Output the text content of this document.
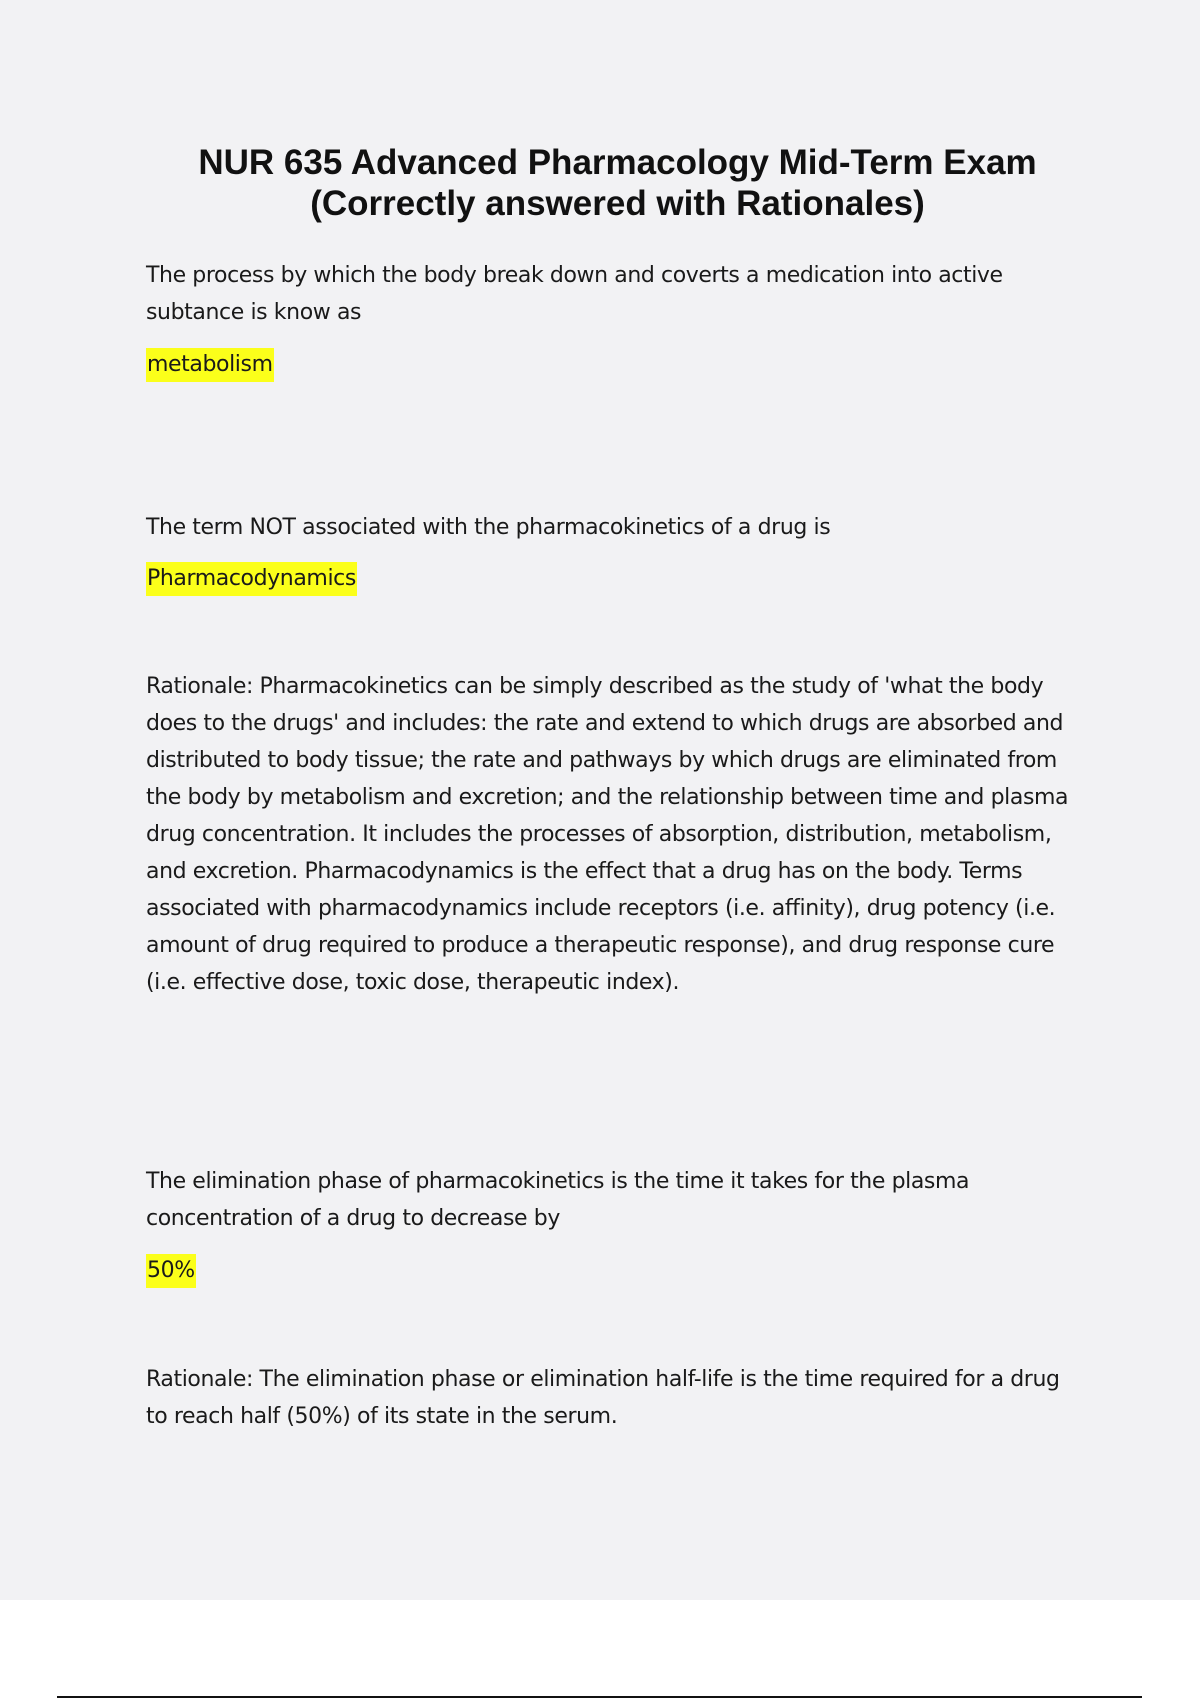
NUR 635 Advanced Pharmacology Mid-Term Exam (Correctly answered with Rationales)

The process by which the body break down and coverts a medication into active subtance is know as

metabolism

The term NOT associated with the pharmacokinetics of a drug is

Pharmacodynamics

Rationale: Pharmacokinetics can be simply described as the study of 'what the body does to the drugs' and includes: the rate and extend to which drugs are absorbed and distributed to body tissue; the rate and pathways by which drugs are eliminated from the body by metabolism and excretion; and the relationship between time and plasma drug concentration. It includes the processes of absorption, distribution, metabolism, and excretion. Pharmacodynamics is the effect that a drug has on the body. Terms associated with pharmacodynamics include receptors (i.e. affinity), drug potency (i.e. amount of drug required to produce a therapeutic response), and drug response cure (i.e. effective dose, toxic dose, therapeutic index).

The elimination phase of pharmacokinetics is the time it takes for the plasma concentration of a drug to decrease by

50%

Rationale: The elimination phase or elimination half-life is the time required for a drug to reach half (50%) of its state in the serum.
